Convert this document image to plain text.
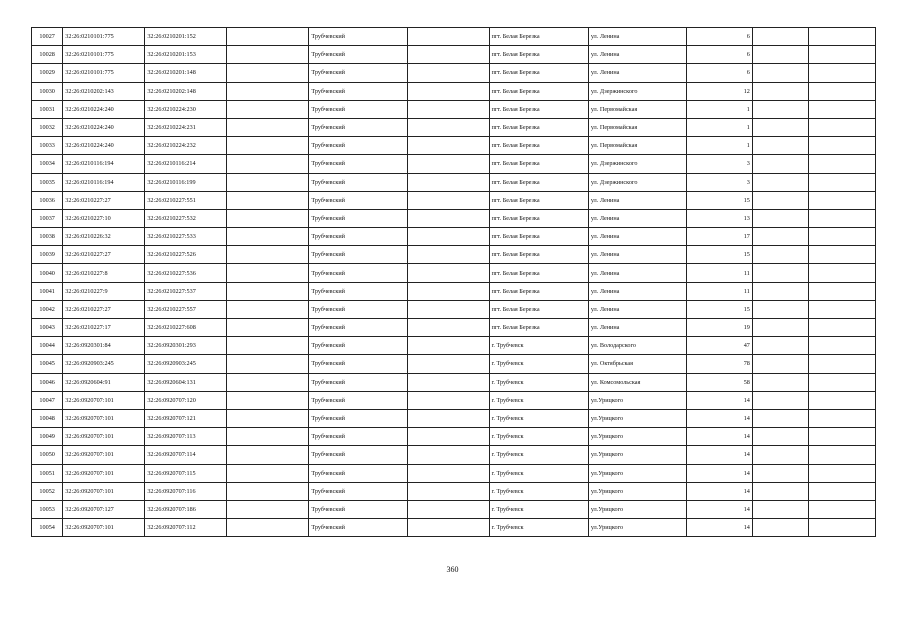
10027	32:26:0210101:775	32:26:0210201:152		Трубчевский		пгт. Белая Березка	ул. Ленина	6		
10028	32:26:0210101:775	32:26:0210201:153		Трубчевский		пгт. Белая Березка	ул. Ленина	6		
10029	32:26:0210101:775	32:26:0210201:148		Трубчевский		пгт. Белая Березка	ул. Ленина	6		
10030	32:26:0210202:143	32:26:0210202:148		Трубчевский		пгт. Белая Березка	ул. Дзержинского	12		
10031	32:26:0210224:240	32:26:0210224:230		Трубчевский		пгт. Белая Березка	ул. Первомайская	1		
10032	32:26:0210224:240	32:26:0210224:231		Трубчевский		пгт. Белая Березка	ул. Первомайская	1		
10033	32:26:0210224:240	32:26:0210224:232		Трубчевский		пгт. Белая Березка	ул. Первомайская	1		
10034	32:26:0210116:194	32:26:0210116:214		Трубчевский		пгт. Белая Березка	ул. Дзержинского	3		
10035	32:26:0210116:194	32:26:0210116:199		Трубчевский		пгт. Белая Березка	ул. Дзержинского	3		
10036	32:26:0210227:27	32:26:0210227:551		Трубчевский		пгт. Белая Березка	ул. Ленина	15		
10037	32:26:0210227:10	32:26:0210227:532		Трубчевский		пгт. Белая Березка	ул. Ленина	13		
10038	32:26:0210226:32	32:26:0210227:533		Трубчевский		пгт. Белая Березка	ул. Ленина	17		
10039	32:26:0210227:27	32:26:0210227:526		Трубчевский		пгт. Белая Березка	ул. Ленина	15		
10040	32:26:0210227:8	32:26:0210227:536		Трубчевский		пгт. Белая Березка	ул. Ленина	11		
10041	32:26:0210227:9	32:26:0210227:537		Трубчевский		пгт. Белая Березка	ул. Ленина	11		
10042	32:26:0210227:27	32:26:0210227:557		Трубчевский		пгт. Белая Березка	ул. Ленина	15		
10043	32:26:0210227:17	32:26:0210227:608		Трубчевский		пгт. Белая Березка	ул. Ленина	19		
10044	32:26:0920301:84	32:26:0920301:293		Трубчевский		г. Трубчевск	ул. Володарского	47		
10045	32:26:0920903:245	32:26:0920903:245		Трубчевский		г. Трубчевск	ул. Октябрьская	78		
10046	32:26:0920604:91	32:26:0920604:131		Трубчевский		г. Трубчевск	ул. Комсомольская	58		
10047	32:26:0920707:101	32:26:0920707:120		Трубчевский		г. Трубчевск	ул.Урицкого	14		
10048	32:26:0920707:101	32:26:0920707:121		Трубчевский		г. Трубчевск	ул.Урицкого	14		
10049	32:26:0920707:101	32:26:0920707:113		Трубчевский		г. Трубчевск	ул.Урицкого	14		
10050	32:26:0920707:101	32:26:0920707:114		Трубчевский		г. Трубчевск	ул.Урицкого	14		
10051	32:26:0920707:101	32:26:0920707:115		Трубчевский		г. Трубчевск	ул.Урицкого	14		
10052	32:26:0920707:101	32:26:0920707:116		Трубчевский		г. Трубчевск	ул.Урицкого	14		
10053	32:26:0920707:127	32:26:0920707:186		Трубчевский		г. Трубчевск	ул.Урицкого	14		
10054	32:26:0920707:101	32:26:0920707:112		Трубчевский		г. Трубчевск	ул.Урицкого	14		
360
